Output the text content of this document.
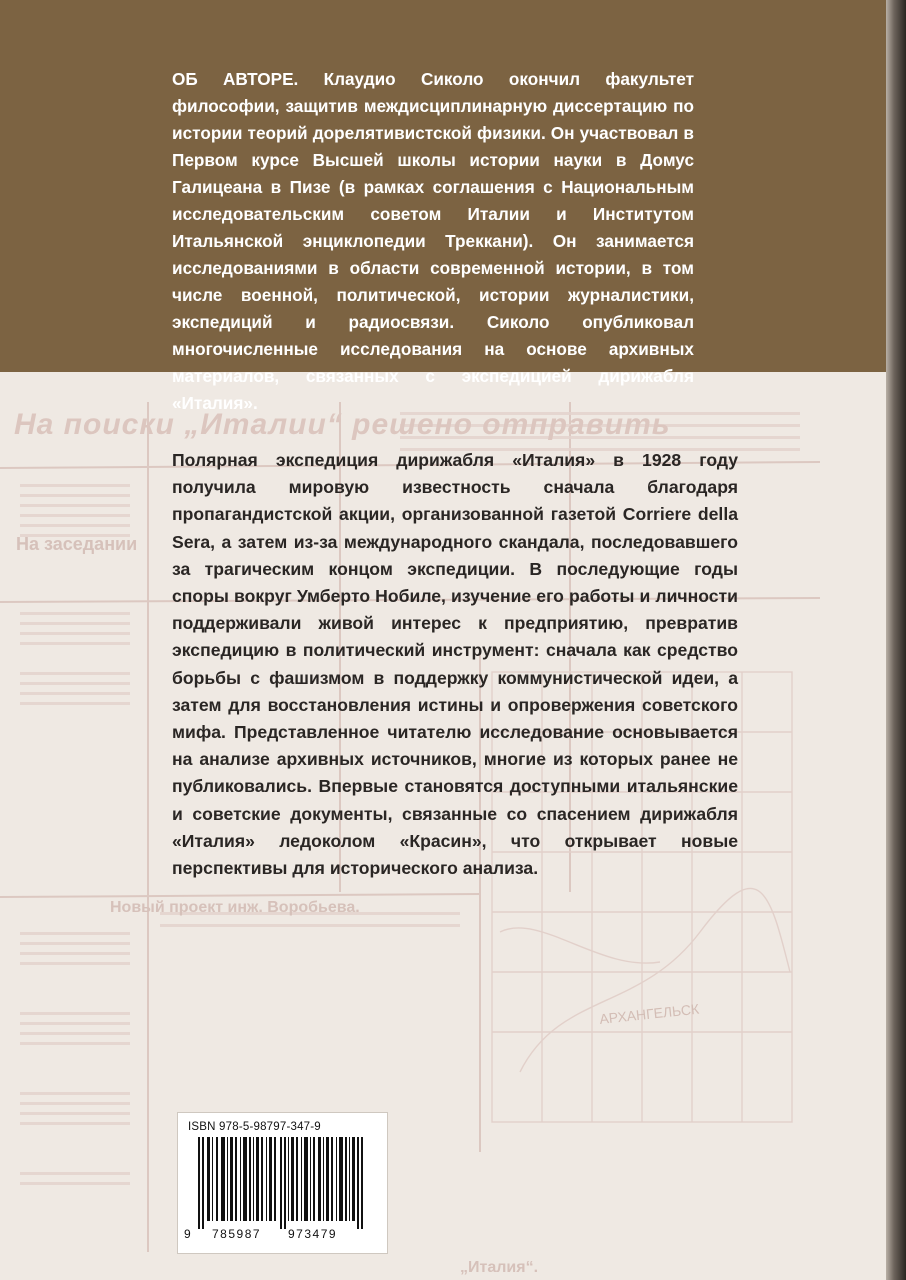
ОБ АВТОРЕ. Клаудио Сиколо окончил факультет философии, защитив междисциплинарную диссертацию по истории теорий дорелятивистской физики. Он участвовал в Первом курсе Высшей школы истории науки в Домус Галицеана в Пизе (в рамках соглашения с Национальным исследовательским советом Италии и Институтом Итальянской энциклопедии Треккани). Он занимается исследованиями в области современной истории, в том числе военной, политической, истории журналистики, экспедиций и радиосвязи. Сиколо опубликовал многочисленные исследования на основе архивных материалов, связанных с экспедицией дирижабля «Италия».

На поиски „Италии“ решено отправить
На заседании
Новый проект инж. Воробьева.
АРХАНГЕЛЬСК
„Италия“.

Полярная экспедиция дирижабля «Италия» в 1928 году получила мировую известность сначала благодаря пропагандистской акции, организованной газетой Corriere della Sera, а затем из-за международного скандала, последовавшего за трагическим концом экспедиции. В последующие годы споры вокруг Умберто Нобиле, изучение его работы и личности поддерживали живой интерес к предприятию, превратив экспедицию в политический инструмент: сначала как средство борьбы с фашизмом в поддержку коммунистической идеи, а затем для восстановления истины и опровержения советского мифа. Представленное читателю исследование основывается на анализе архивных источников, многие из которых ранее не публиковались. Впервые становятся доступными итальянские и советские документы, связанные со спасением дирижабля «Италия» ледоколом «Красин», что открывает новые перспективы для исторического анализа.

ISBN 978-5-98797-347-9
9 785987 973479
